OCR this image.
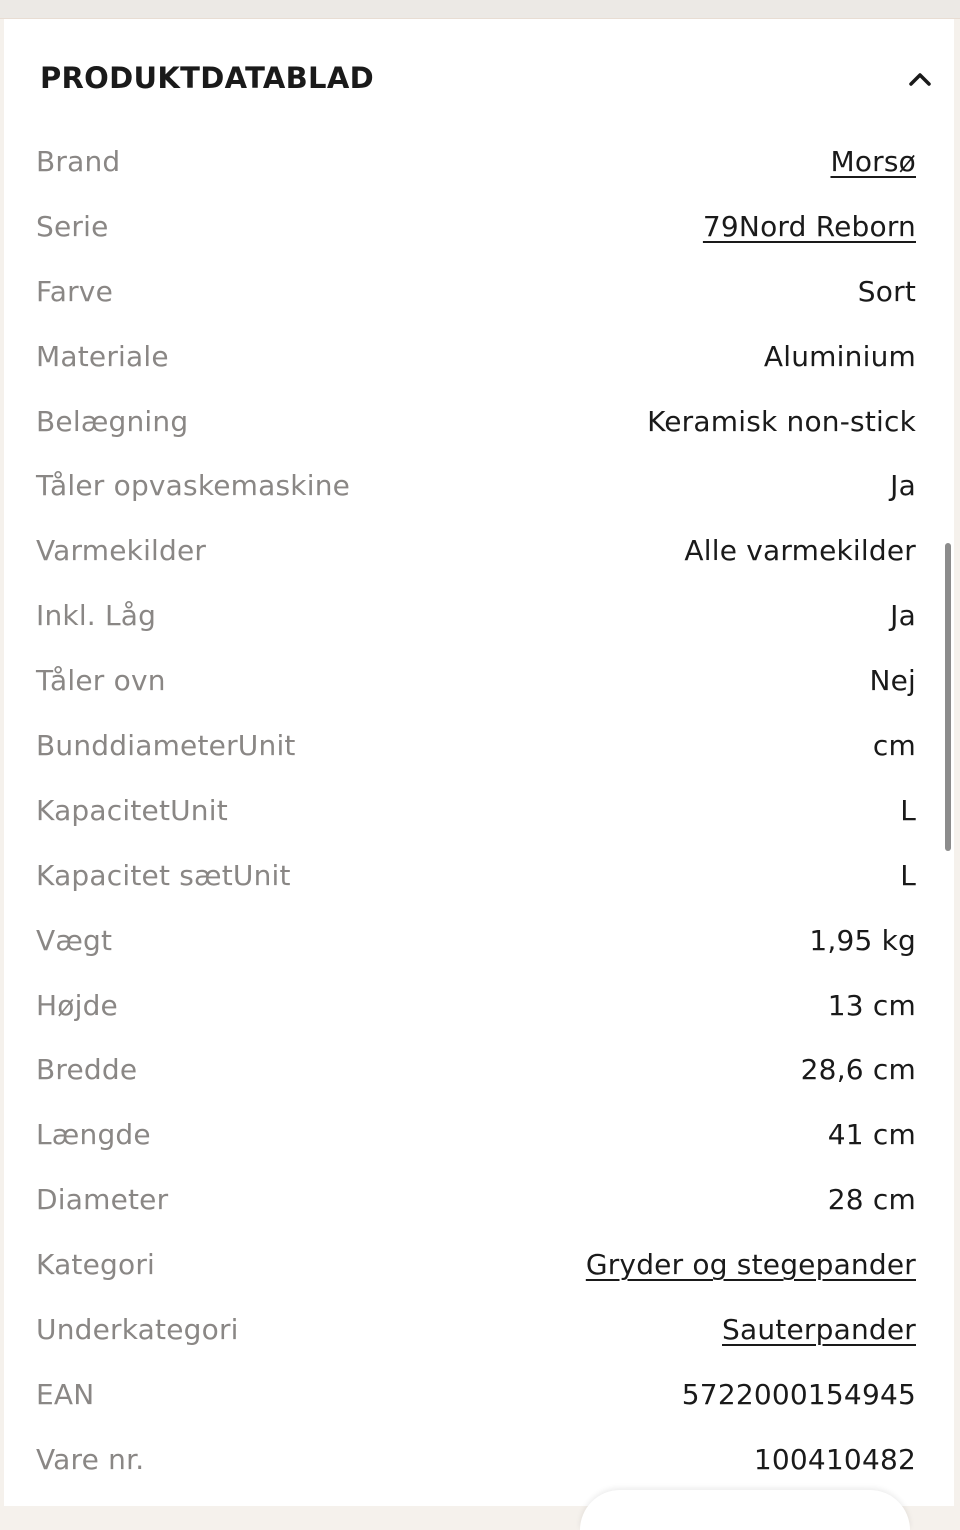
PRODUKTDATABLAD
Brand	Morsø
Serie	79Nord Reborn
Farve	Sort
Materiale	Aluminium
Belægning	Keramisk non-stick
Tåler opvaskemaskine	Ja
Varmekilder	Alle varmekilder
Inkl. Låg	Ja
Tåler ovn	Nej
BunddiameterUnit	cm
KapacitetUnit	L
Kapacitet sætUnit	L
Vægt	1,95 kg
Højde	13 cm
Bredde	28,6 cm
Længde	41 cm
Diameter	28 cm
Kategori	Gryder og stegepander
Underkategori	Sauterpander
EAN	5722000154945
Vare nr.	100410482
